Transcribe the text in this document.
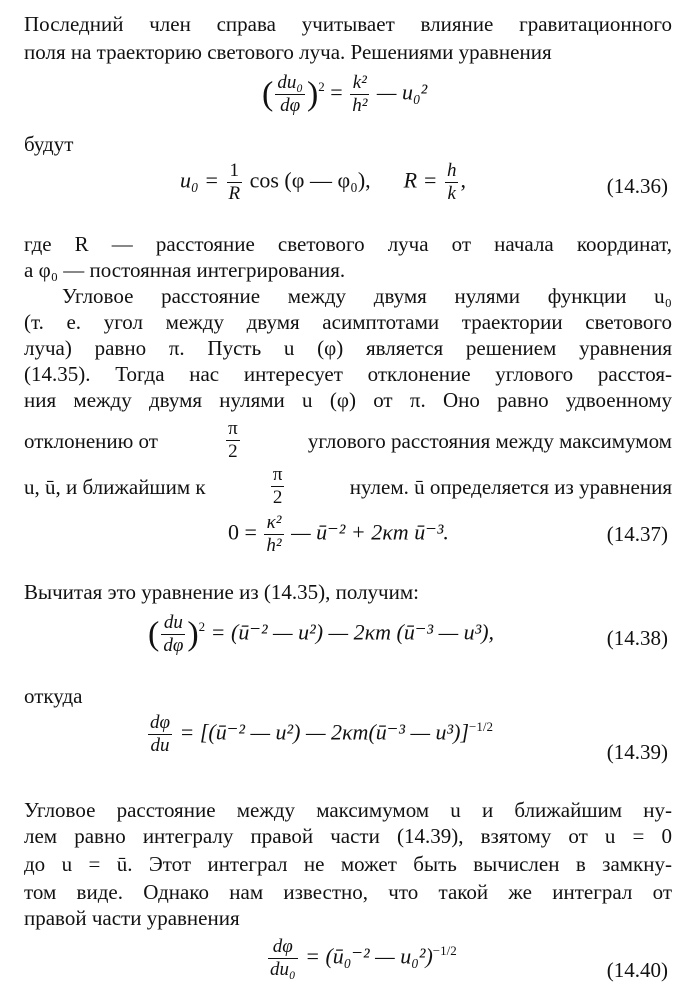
Последний член справа учитывает влияние гравитационного
поля на траекторию светового луча. Решениями уравнения
( $\frac{\text{du₀}}{d\varphi} )^2 = \frac{\text{k²}}{\text{h²}}$ — u₀²
будут
$u_0 = \frac{1}{R}$ cos (φ — φ₀), $R = \frac{h}{k}$ ,	(14.36)
где R — расстояние светового луча от начала координат,
а φ₀ — постоянная интегрирования.
Угловое расстояние между двумя нулями функции u₀
(т. е. угол между двумя асимптотами траектории светового
луча) равно π. Пусть u (φ) является решением уравнения
(14.35). Тогда нас интересует отклонение углового расстоя-
ния между двумя нулями u (φ) от π. Оно равно удвоенному
отклонению от	$\frac{\pi}{2}$	углового расстояния между максимумом
u, ū, и ближайшим к	$\frac{\pi}{2}$	нулем. ū определяется из уравнения
$0 = \frac{\text{κ²}}{\text{h²}}$ — ū⁻² + 2κm ū⁻³.	(14.37)
Вычитая это уравнение из (14.35), получим:
( $\frac{du}{d\varphi} )^2$ = (ū⁻² — u²) — 2κm (ū⁻³ — u³),	(14.38)
откуда
$\frac{d\varphi}{du}$ = [(ū⁻² — u²) — 2κm(ū⁻³ — u³)]$^{-1/2}$
(14.39)
Угловое расстояние между максимумом u и ближайшим ну-
лем равно интегралу правой части (14.39), взятому от u = 0
до u = ū. Этот интеграл не может быть вычислен в замкну-
том виде. Однако нам известно, что такой же интеграл от
правой части уравнения
$\frac{d\varphi}{\text{du₀}}$ = (ū₀⁻² — u₀²)$^{-1/2}$
(14.40)
